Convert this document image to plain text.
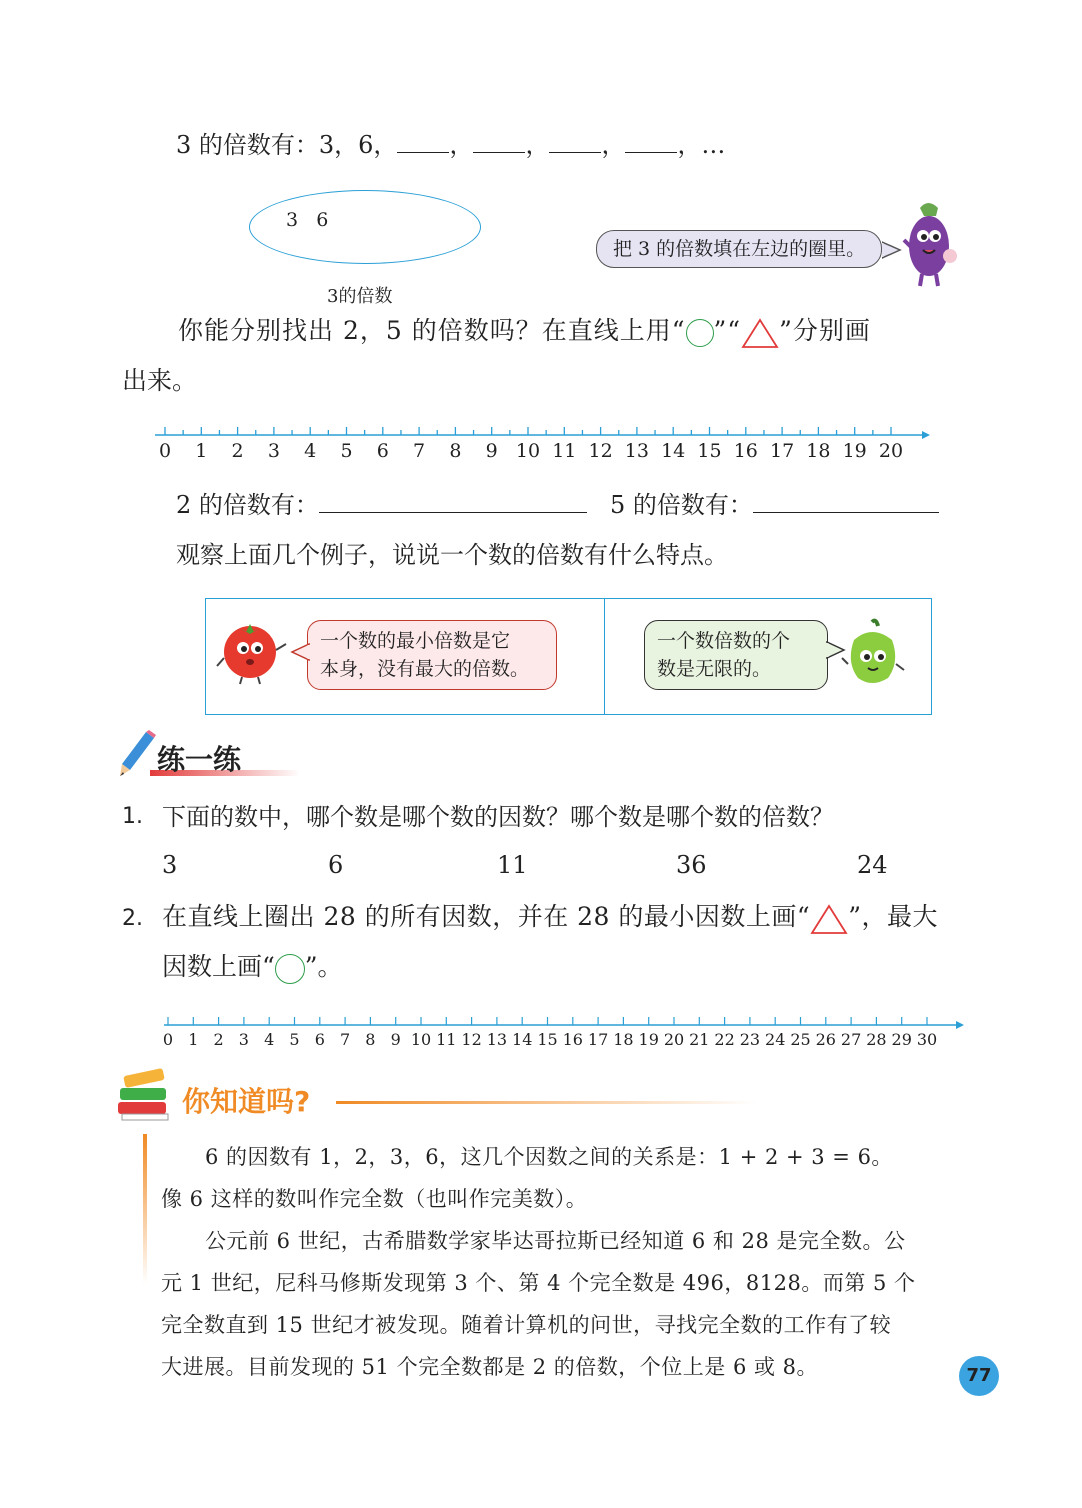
3 的倍数有：3，6， ， ， ， ，…
3   6
3的倍数
把 3 的倍数填在左边的圈里。
你能分别找出 2，5 的倍数吗？在直线上用“ ”“ ”分别画
出来。
0 1 2 3 4 5 6 7 8 9 10 11 12 13 14 15 16 17 18 19 20
2 的倍数有：	5 的倍数有：
观察上面几个例子，说说一个数的倍数有什么特点。
一个数的最小倍数是它
本身，没有最大的倍数。
一个数倍数的个
数是无限的。
练一练
1. 下面的数中，哪个数是哪个数的因数？哪个数是哪个数的倍数？
3	6	11	36	24
2. 在直线上圈出 28 的所有因数，并在 28 的最小因数上画“ ”，最大
因数上画“ ”。
0 1 2 3 4 5 6 7 8 9 10 11 12 13 14 15 16 17 18 19 20 21 22 23 24 25 26 27 28 29 30
你知道吗?
6 的因数有 1，2，3，6，这几个因数之间的关系是：1 + 2 + 3 = 6。
像 6 这样的数叫作完全数（也叫作完美数）。
公元前 6 世纪，古希腊数学家毕达哥拉斯已经知道 6 和 28 是完全数。公
元 1 世纪，尼科马修斯发现第 3 个、第 4 个完全数是 496，8128。而第 5 个
完全数直到 15 世纪才被发现。随着计算机的问世，寻找完全数的工作有了较
大进展。目前发现的 51 个完全数都是 2 的倍数，个位上是 6 或 8。	77
